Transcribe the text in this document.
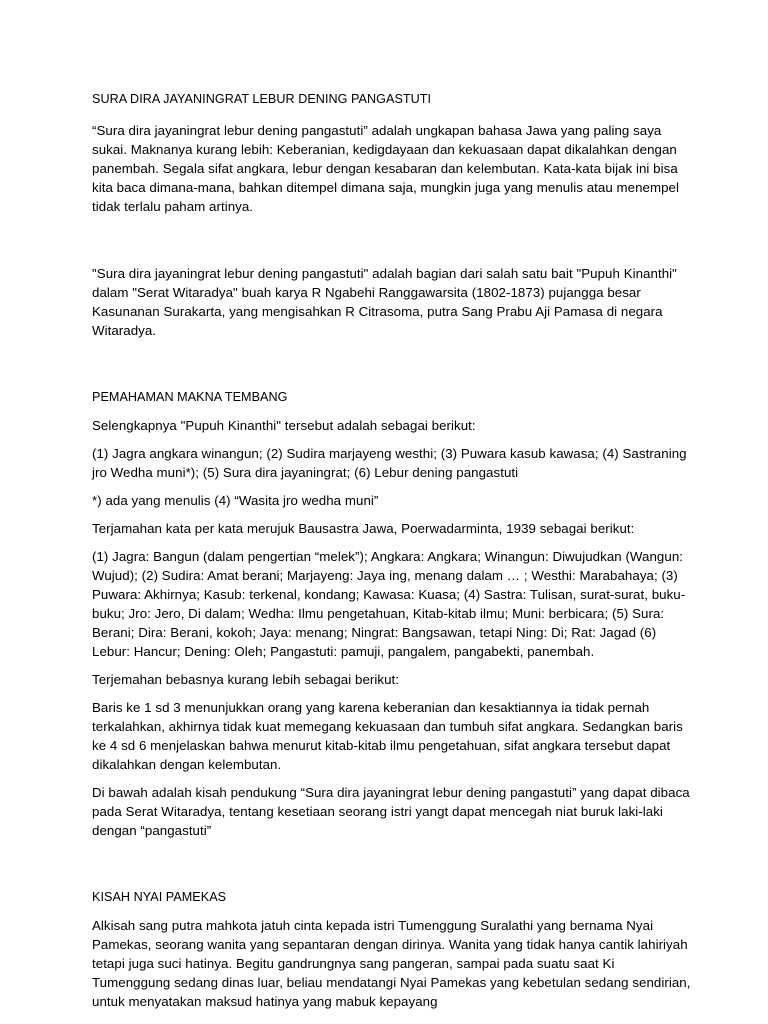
SURA DIRA JAYANINGRAT LEBUR DENING PANGASTUTI

“Sura dira jayaningrat lebur dening pangastuti” adalah ungkapan bahasa Jawa yang paling saya sukai. Maknanya kurang lebih: Keberanian, kedigdayaan dan kekuasaan dapat dikalahkan dengan panembah. Segala sifat angkara, lebur dengan kesabaran dan kelembutan. Kata-kata bijak ini bisa kita baca dimana-mana, bahkan ditempel dimana saja, mungkin juga yang menulis atau menempel tidak terlalu paham artinya.

"Sura dira jayaningrat lebur dening pangastuti" adalah bagian dari salah satu bait "Pupuh Kinanthi" dalam "Serat Witaradya" buah karya R Ngabehi Ranggawarsita (1802-1873) pujangga besar Kasunanan Surakarta, yang mengisahkan R Citrasoma, putra Sang Prabu Aji Pamasa di negara Witaradya.

PEMAHAMAN MAKNA TEMBANG

Selengkapnya "Pupuh Kinanthi" tersebut adalah sebagai berikut:

(1) Jagra angkara winangun; (2) Sudira marjayeng westhi; (3) Puwara kasub kawasa; (4) Sastraning jro Wedha muni*); (5) Sura dira jayaningrat; (6) Lebur dening pangastuti

*) ada yang menulis (4) “Wasita jro wedha muni”

Terjamahan kata per kata merujuk Bausastra Jawa, Poerwadarminta, 1939 sebagai berikut:

(1) Jagra: Bangun (dalam pengertian “melek”); Angkara: Angkara; Winangun: Diwujudkan (Wangun: Wujud); (2) Sudira: Amat berani; Marjayeng: Jaya ing, menang dalam … ; Westhi: Marabahaya; (3) Puwara: Akhirnya; Kasub: terkenal, kondang; Kawasa: Kuasa; (4) Sastra: Tulisan, surat-surat, buku-buku; Jro: Jero, Di dalam; Wedha: Ilmu pengetahuan, Kitab-kitab ilmu; Muni: berbicara; (5) Sura: Berani; Dira: Berani, kokoh; Jaya: menang; Ningrat: Bangsawan, tetapi Ning: Di; Rat: Jagad (6) Lebur: Hancur; Dening: Oleh; Pangastuti: pamuji, pangalem, pangabekti, panembah.

Terjemahan bebasnya kurang lebih sebagai berikut:

Baris ke 1 sd 3 menunjukkan orang yang karena keberanian dan kesaktiannya ia tidak pernah terkalahkan, akhirnya tidak kuat memegang kekuasaan dan tumbuh sifat angkara. Sedangkan baris ke 4 sd 6 menjelaskan bahwa menurut kitab-kitab ilmu pengetahuan, sifat angkara tersebut dapat dikalahkan dengan kelembutan.

Di bawah adalah kisah pendukung “Sura dira jayaningrat lebur dening pangastuti” yang dapat dibaca pada Serat Witaradya, tentang kesetiaan seorang istri yangt dapat mencegah niat buruk laki-laki dengan “pangastuti”

KISAH NYAI PAMEKAS

Alkisah sang putra mahkota jatuh cinta kepada istri Tumenggung Suralathi yang bernama Nyai Pamekas, seorang wanita yang sepantaran dengan dirinya. Wanita yang tidak hanya cantik lahiriyah tetapi juga suci hatinya. Begitu gandrungnya sang pangeran, sampai pada suatu saat Ki Tumenggung sedang dinas luar, beliau mendatangi Nyai Pamekas yang kebetulan sedang sendirian, untuk menyatakan maksud hatinya yang mabuk kepayang
